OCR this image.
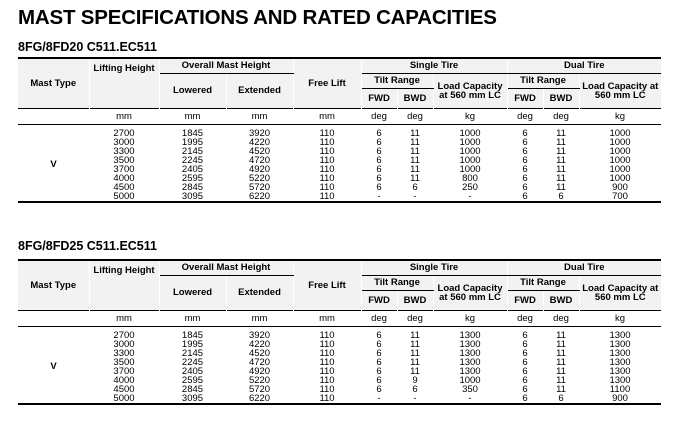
MAST SPECIFICATIONS AND RATED CAPACITIES
8FG/8FD20 C511.EC511
Mast Type	Lifting Height	Overall Mast Height		Free Lift	Single Tire			Dual Tire		
		Lowered	Extended		Tilt Range		Load Capacity at 560 mm LC	Tilt Range		Load Capacity at 560 mm LC
					FWD	BWD		FWD	BWD	
	mm	mm	mm	mm	deg	deg	kg	deg	deg	kg

V	2700	1845	3920	110	6	11	1000	6	11	1000
	3000	1995	4220	110	6	11	1000	6	11	1000
	3300	2145	4520	110	6	11	1000	6	11	1000
	3500	2245	4720	110	6	11	1000	6	11	1000
	3700	2405	4920	110	6	11	1000	6	11	1000
	4000	2595	5220	110	6	11	800	6	11	1000
	4500	2845	5720	110	6	6	250	6	11	900
	5000	3095	6220	110	-	-	-	6	6	700
8FG/8FD25 C511.EC511
Mast Type	Lifting Height	Overall Mast Height		Free Lift	Single Tire			Dual Tire		
		Lowered	Extended		Tilt Range		Load Capacity at 560 mm LC	Tilt Range		Load Capacity at 560 mm LC
					FWD	BWD		FWD	BWD	
	mm	mm	mm	mm	deg	deg	kg	deg	deg	kg

V	2700	1845	3920	110	6	11	1300	6	11	1300
	3000	1995	4220	110	6	11	1300	6	11	1300
	3300	2145	4520	110	6	11	1300	6	11	1300
	3500	2245	4720	110	6	11	1300	6	11	1300
	3700	2405	4920	110	6	11	1300	6	11	1300
	4000	2595	5220	110	6	9	1000	6	11	1300
	4500	2845	5720	110	6	6	350	6	11	1100
	5000	3095	6220	110	-	-	-	6	6	900
